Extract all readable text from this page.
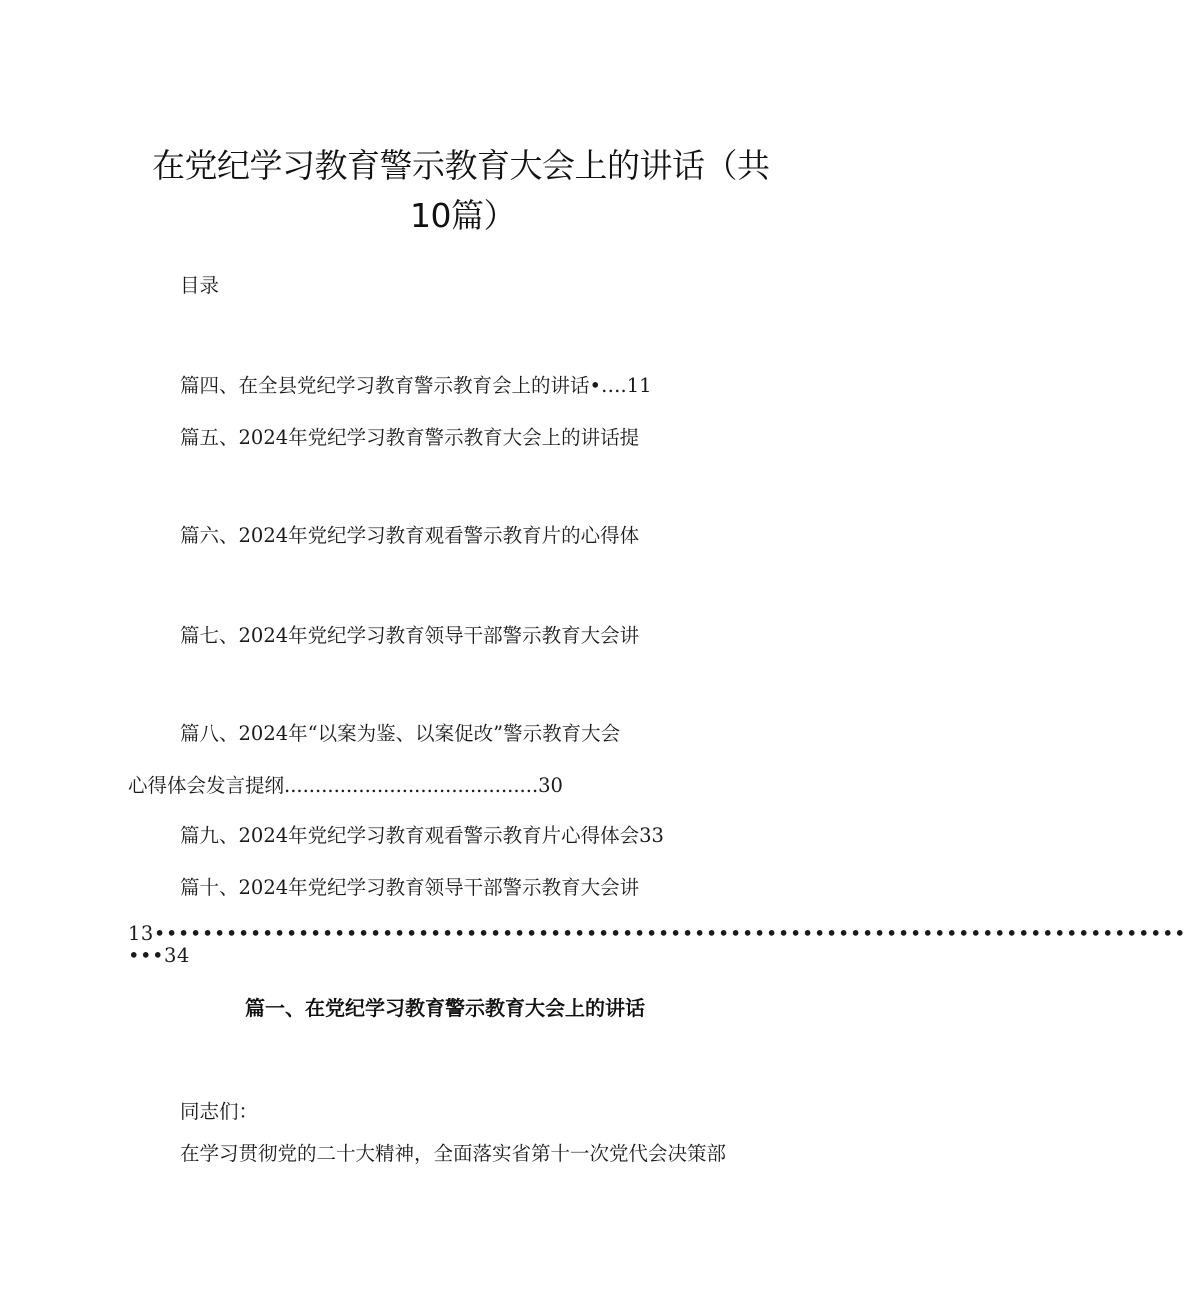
在党纪学习教育警示教育大会上的讲话（共
10篇）
目录
篇四、在全县党纪学习教育警示教育会上的讲话•….11
篇五、2024年党纪学习教育警示教育大会上的讲话提
篇六、2024年党纪学习教育观看警示教育片的心得体
篇七、2024年党纪学习教育领导干部警示教育大会讲
篇八、2024年“以案为鉴、以案促改”警示教育大会
心得体会发言提纲.........................................30
篇九、2024年党纪学习教育观看警示教育片心得体会33
篇十、2024年党纪学习教育领导干部警示教育大会讲
13••••••••••••••••••••••••••••••••••••••••••••••••••••••••••••••••••••••••••••••••••••••
•••34
篇一、在党纪学习教育警示教育大会上的讲话
同志们：
在学习贯彻党的二十大精神，全面落实省第十一次党代会决策部
